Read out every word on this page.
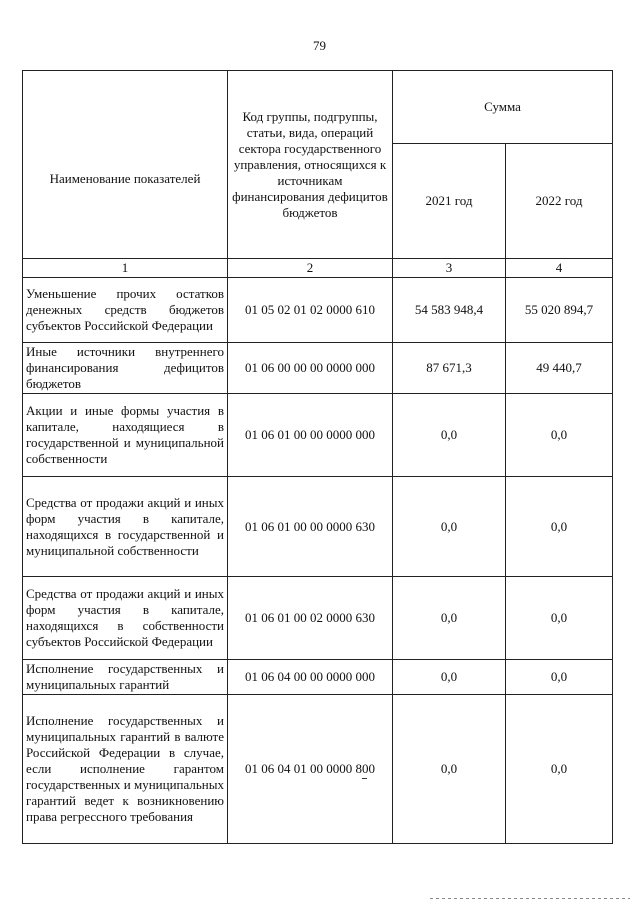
79
Наименование показателей	Код группы, подгруппы, статьи, вида, операций сектора государственного управления, относящихся к источникам финансирования дефицитов бюджетов	Сумма	
		2021 год	2022 год
1	2	3	4
Уменьшение прочих остатков денежных средств бюджетов субъектов Российской Федерации	01 05 02 01 02 0000 610	54 583 948,4	55 020 894,7
Иные источники внутреннего финансирования дефицитов бюджетов	01 06 00 00 00 0000 000	87 671,3	49 440,7
Акции и иные формы участия в капитале, находящиеся в государственной и муниципальной собственности	01 06 01 00 00 0000 000	0,0	0,0
Средства от продажи акций и иных форм участия в капитале, находящихся в государственной и муниципальной собственности	01 06 01 00 00 0000 630	0,0	0,0
Средства от продажи акций и иных форм участия в капитале, находящихся в собственности субъектов Российской Федерации	01 06 01 00 02 0000 630	0,0	0,0
Исполнение государственных и муниципальных гарантий	01 06 04 00 00 0000 000	0,0	0,0
Исполнение государственных и муниципальных гарантий в валюте Российской Федерации в случае, если исполнение гарантом государственных и муниципальных гарантий ведет к возникновению права регрессного требования	01 06 04 01 00 0000 800	0,0	0,0
